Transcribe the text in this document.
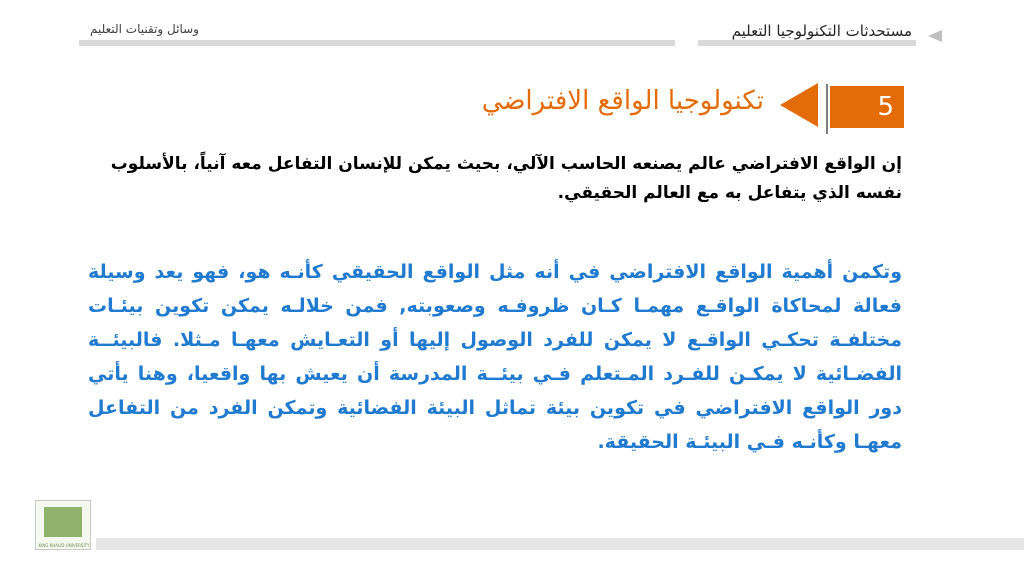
وسائل وتقنيات التعليم	مستحدثات التكنولوجيا التعليم
تكنولوجيا الواقع الافتراضي	5
إن الواقع الافتراضي عالم يصنعه الحاسب الآلي، بحيث يمكن للإنسان التفاعل معه آنياً، بالأسلوب نفسه الذي يتفاعل به مع العالم الحقيقي.
وتكمن أهمية الواقع الافتراضي في أنه مثل الواقع الحقيقي كأنـه هو، فهو يعد وسيلة فعالة لمحاكاة الواقـع مهمـا كـان ظروفـه وصعوبته, فمن خلالـه يمكن تكوين بيئـات مختلفـة تحكـي الواقـع لا يمكن للفرد الوصول إليها أو التعـايش معهـا مـثلا. فالبيئــة الفضـائية لا يمكـن للفـرد المـتعلم فـي بيئــة المدرسة أن يعيش بها واقعيا، وهنا يأتي دور الواقع الافتراضي في تكوين بيئة تماثل البيئة الفضائية وتمكن الفرد من التفاعل معهـا وكأنـه فـي البيئـة الحقيقة.
KING KHALID UNIVERSITY
